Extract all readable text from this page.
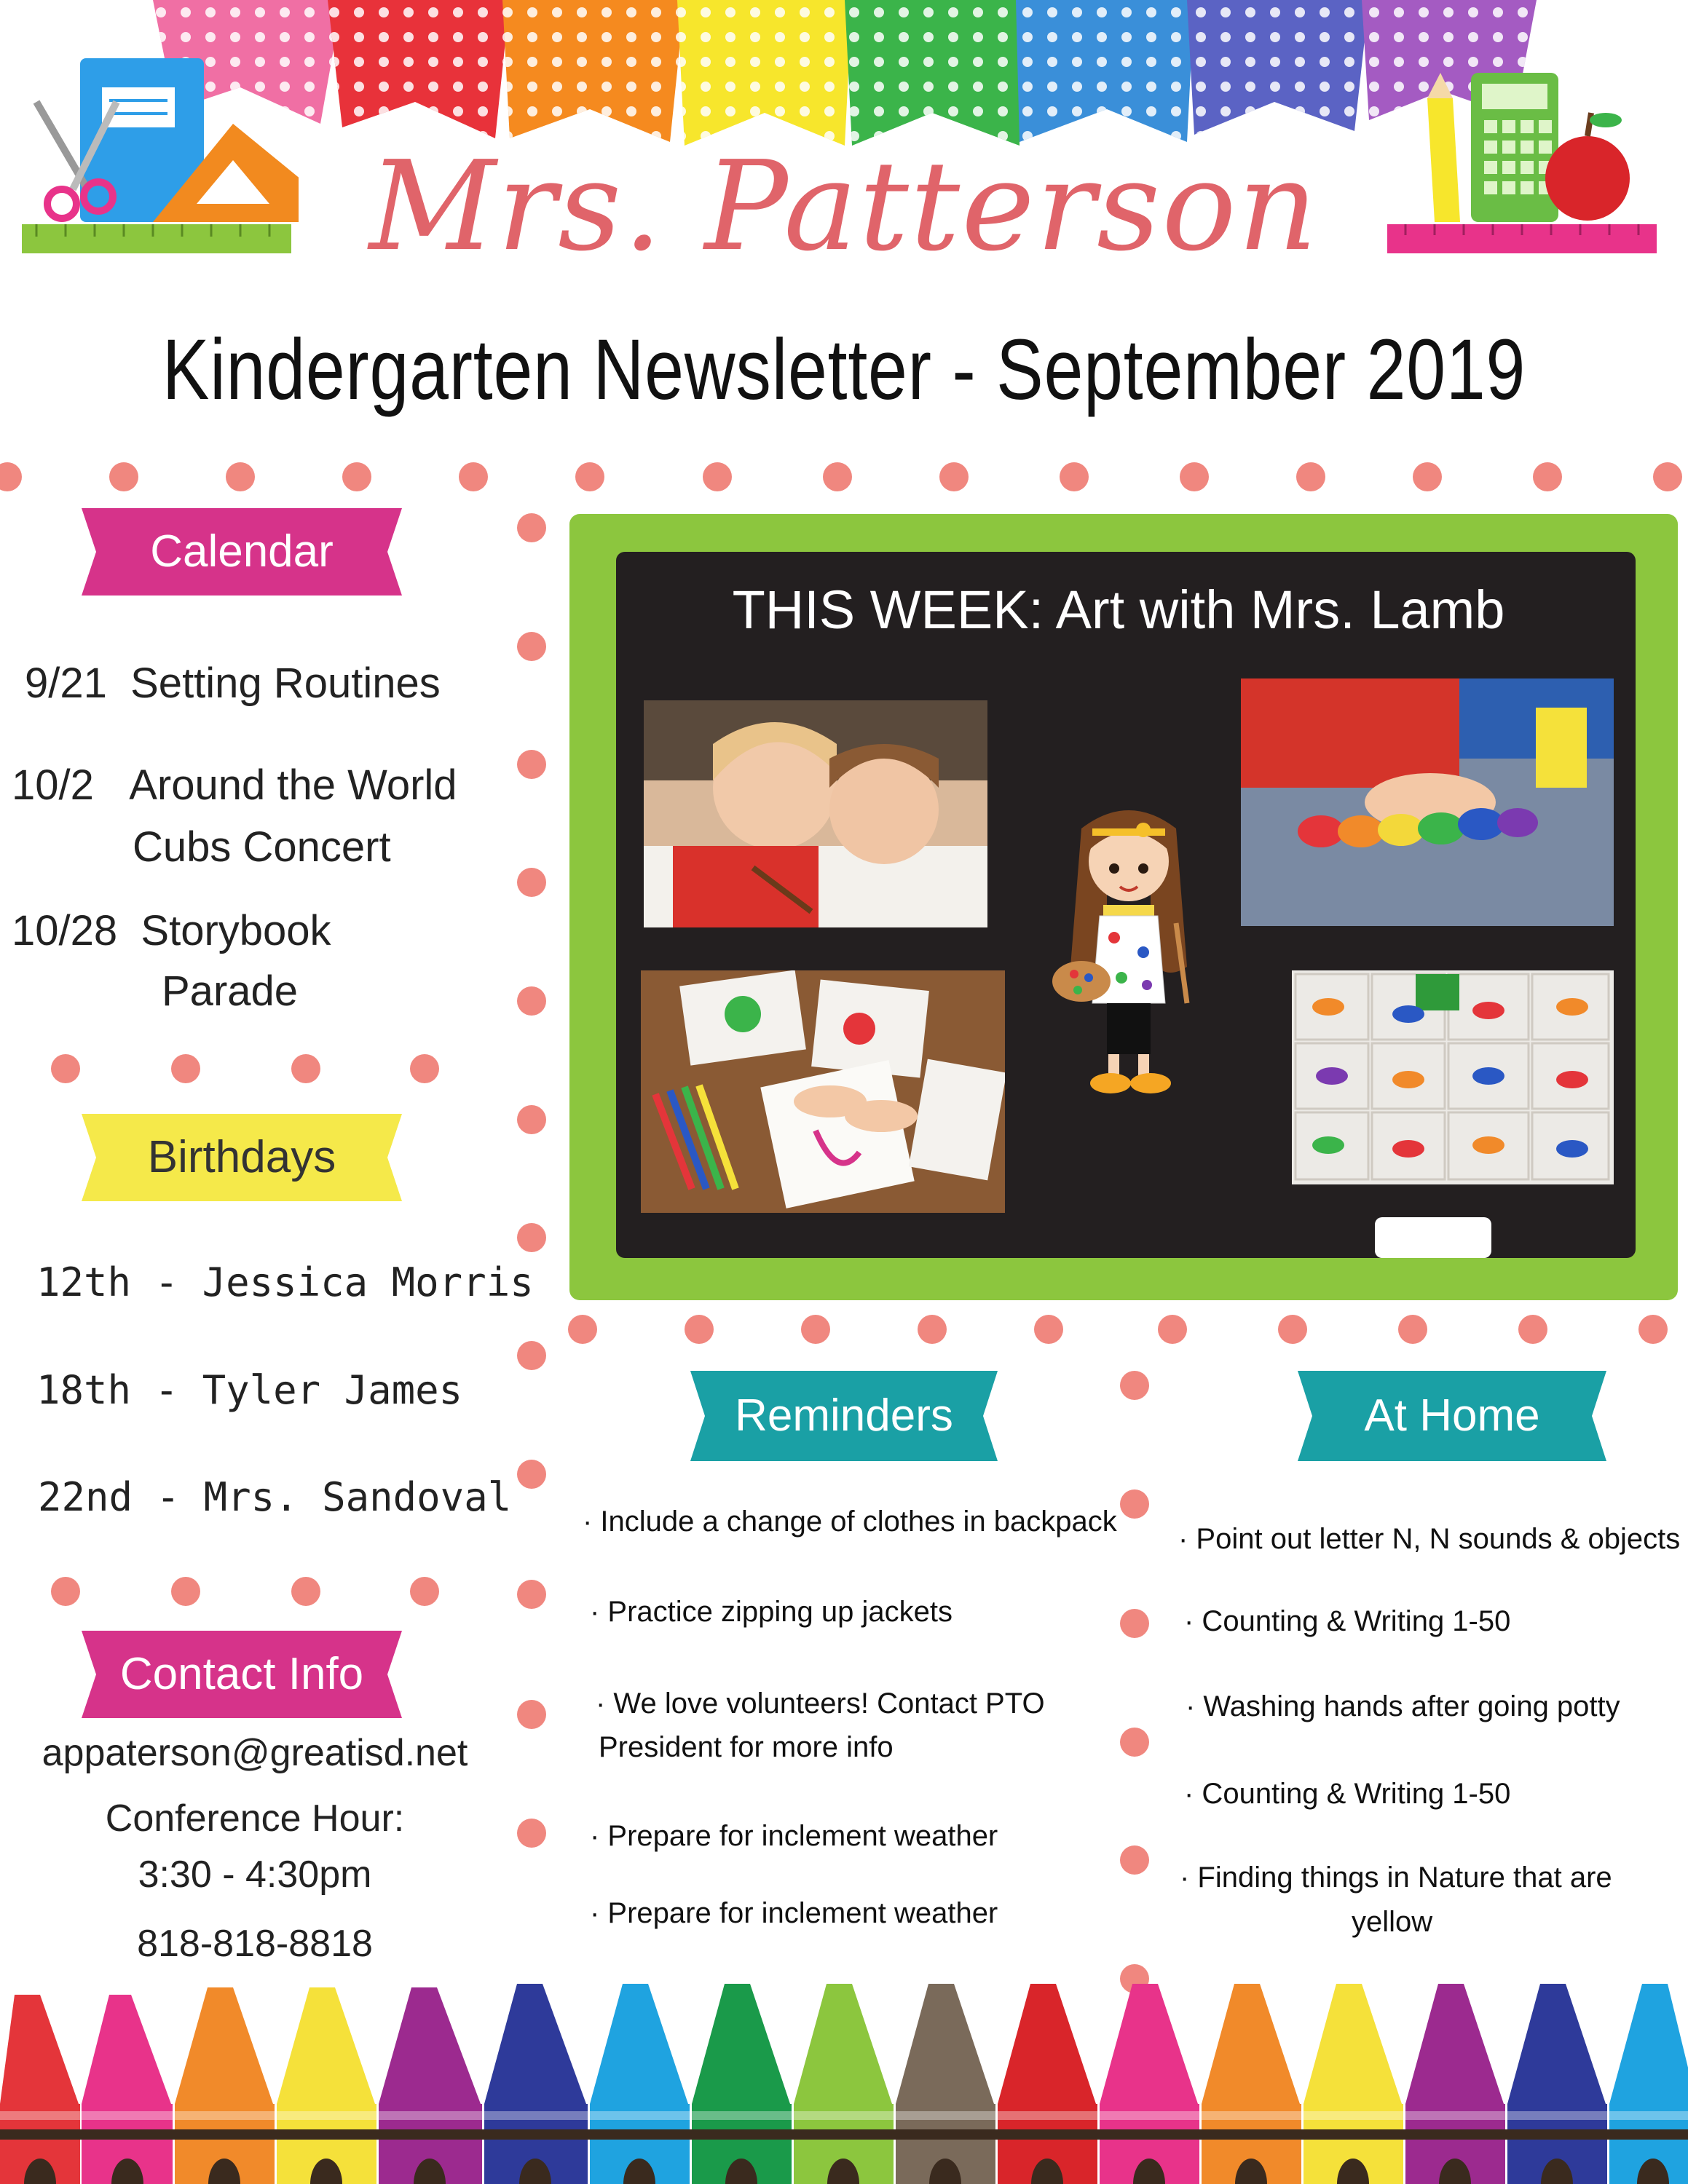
Mrs. Patterson
Kindergarten Newsletter - September 2019
Calendar
9/21 Setting Routines
10/2 Around the World
Cubs Concert
10/28 Storybook
Parade
Birthdays
12th - Jessica Morris
18th - Tyler James
22nd - Mrs. Sandoval
Contact Info
appaterson@greatisd.net
Conference Hour:
3:30 - 4:30pm
818-818-8818
THIS WEEK: Art with Mrs. Lamb
Reminders
· Include a change of clothes in backpack
· Practice zipping up jackets
· We love volunteers! Contact PTO
President for more info
· Prepare for inclement weather
· Prepare for inclement weather
At Home
· Point out letter N, N sounds & objects
· Counting & Writing 1-50
· Washing hands after going potty
· Counting & Writing 1-50
· Finding things in Nature that are
yellow
